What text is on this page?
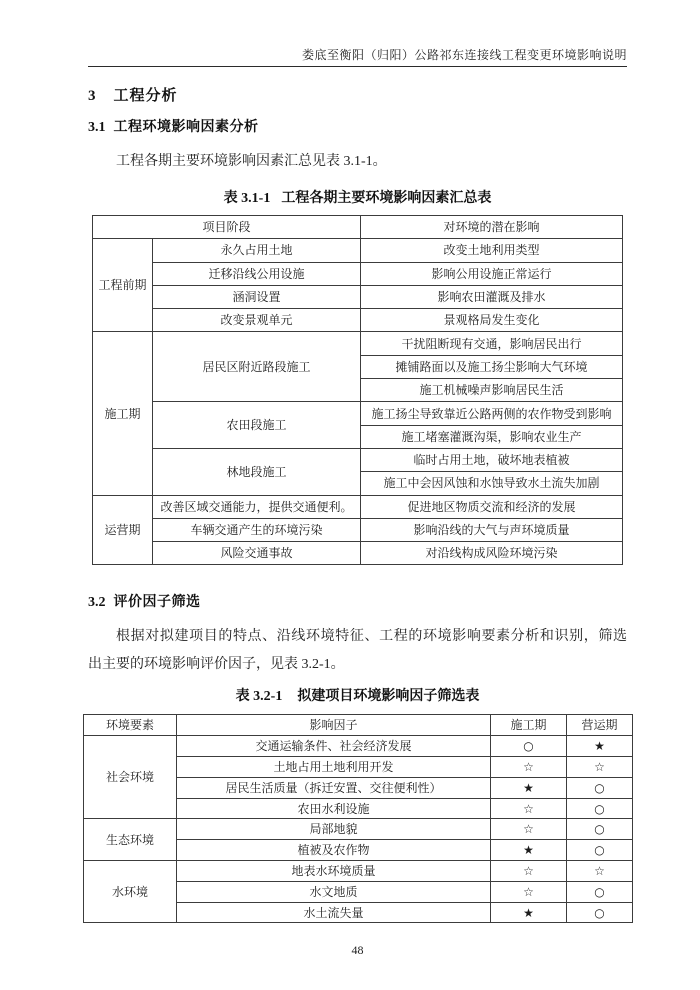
娄底至衡阳（归阳）公路祁东连接线工程变更环境影响说明
3 工程分析
3.1 工程环境影响因素分析

工程各期主要环境影响因素汇总见表 3.1-1。

表 3.1-1 工程各期主要环境影响因素汇总表
项目阶段		对环境的潜在影响
工程前期	永久占用土地	改变土地利用类型
	迁移沿线公用设施	影响公用设施正常运行
	涵洞设置	影响农田灌溉及排水
	改变景观单元	景观格局发生变化
施工期	居民区附近路段施工	干扰阻断现有交通，影响居民出行
		摊铺路面以及施工扬尘影响大气环境
		施工机械噪声影响居民生活
	农田段施工	施工扬尘导致靠近公路两侧的农作物受到影响
		施工堵塞灌溉沟渠，影响农业生产
	林地段施工	临时占用土地，破坏地表植被
		施工中会因风蚀和水蚀导致水土流失加剧
运营期	改善区域交通能力，提供交通便利。	促进地区物质交流和经济的发展
	车辆交通产生的环境污染	影响沿线的大气与声环境质量
	风险交通事故	对沿线构成风险环境污染
3.2 评价因子筛选

根据对拟建项目的特点、沿线环境特征、工程的环境影响要素分析和识别，筛选

出主要的环境影响评价因子，见表 3.2-1。

表 3.2-1 拟建项目环境影响因子筛选表
环境要素	影响因子	施工期	营运期
社会环境	交通运输条件、社会经济发展	○	★
	土地占用土地利用开发	☆	☆
	居民生活质量（拆迁安置、交往便利性）	★	○
	农田水利设施	☆	○
生态环境	局部地貌	☆	○
	植被及农作物	★	○
水环境	地表水环境质量	☆	☆
	水文地质	☆	○
	水土流失量	★	○
48
